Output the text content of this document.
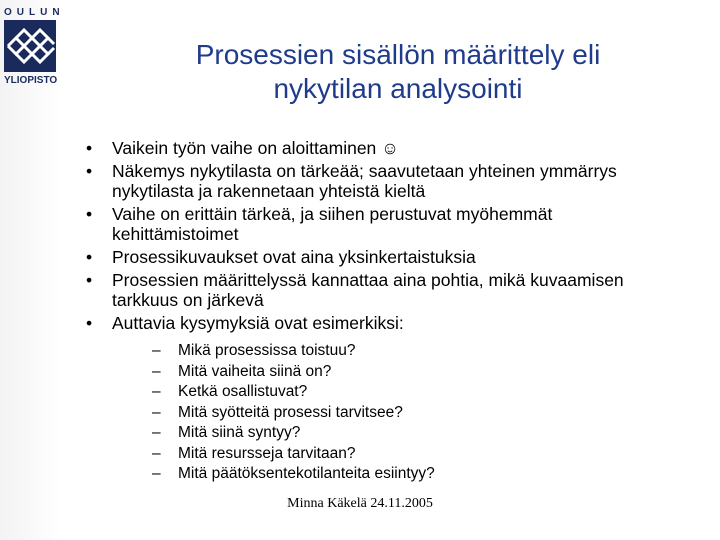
OULUN
YLIOPISTO
Prosessien sisällön määrittely eli
nykytilan analysointi
• Vaikein työn vaihe on aloittaminen ☺
• Näkemys nykytilasta on tärkeää; saavutetaan yhteinen ymmärrys nykytilasta ja rakennetaan yhteistä kieltä
• Vaihe on erittäin tärkeä, ja siihen perustuvat myöhemmät kehittämistoimet
• Prosessikuvaukset ovat aina yksinkertaistuksia
• Prosessien määrittelyssä kannattaa aina pohtia, mikä kuvaamisen tarkkuus on järkevä
• Auttavia kysymyksiä ovat esimerkiksi:
– Mikä prosessissa toistuu?
– Mitä vaiheita siinä on?
– Ketkä osallistuvat?
– Mitä syötteitä prosessi tarvitsee?
– Mitä siinä syntyy?
– Mitä resursseja tarvitaan?
– Mitä päätöksentekotilanteita esiintyy?
Minna Käkelä 24.11.2005
